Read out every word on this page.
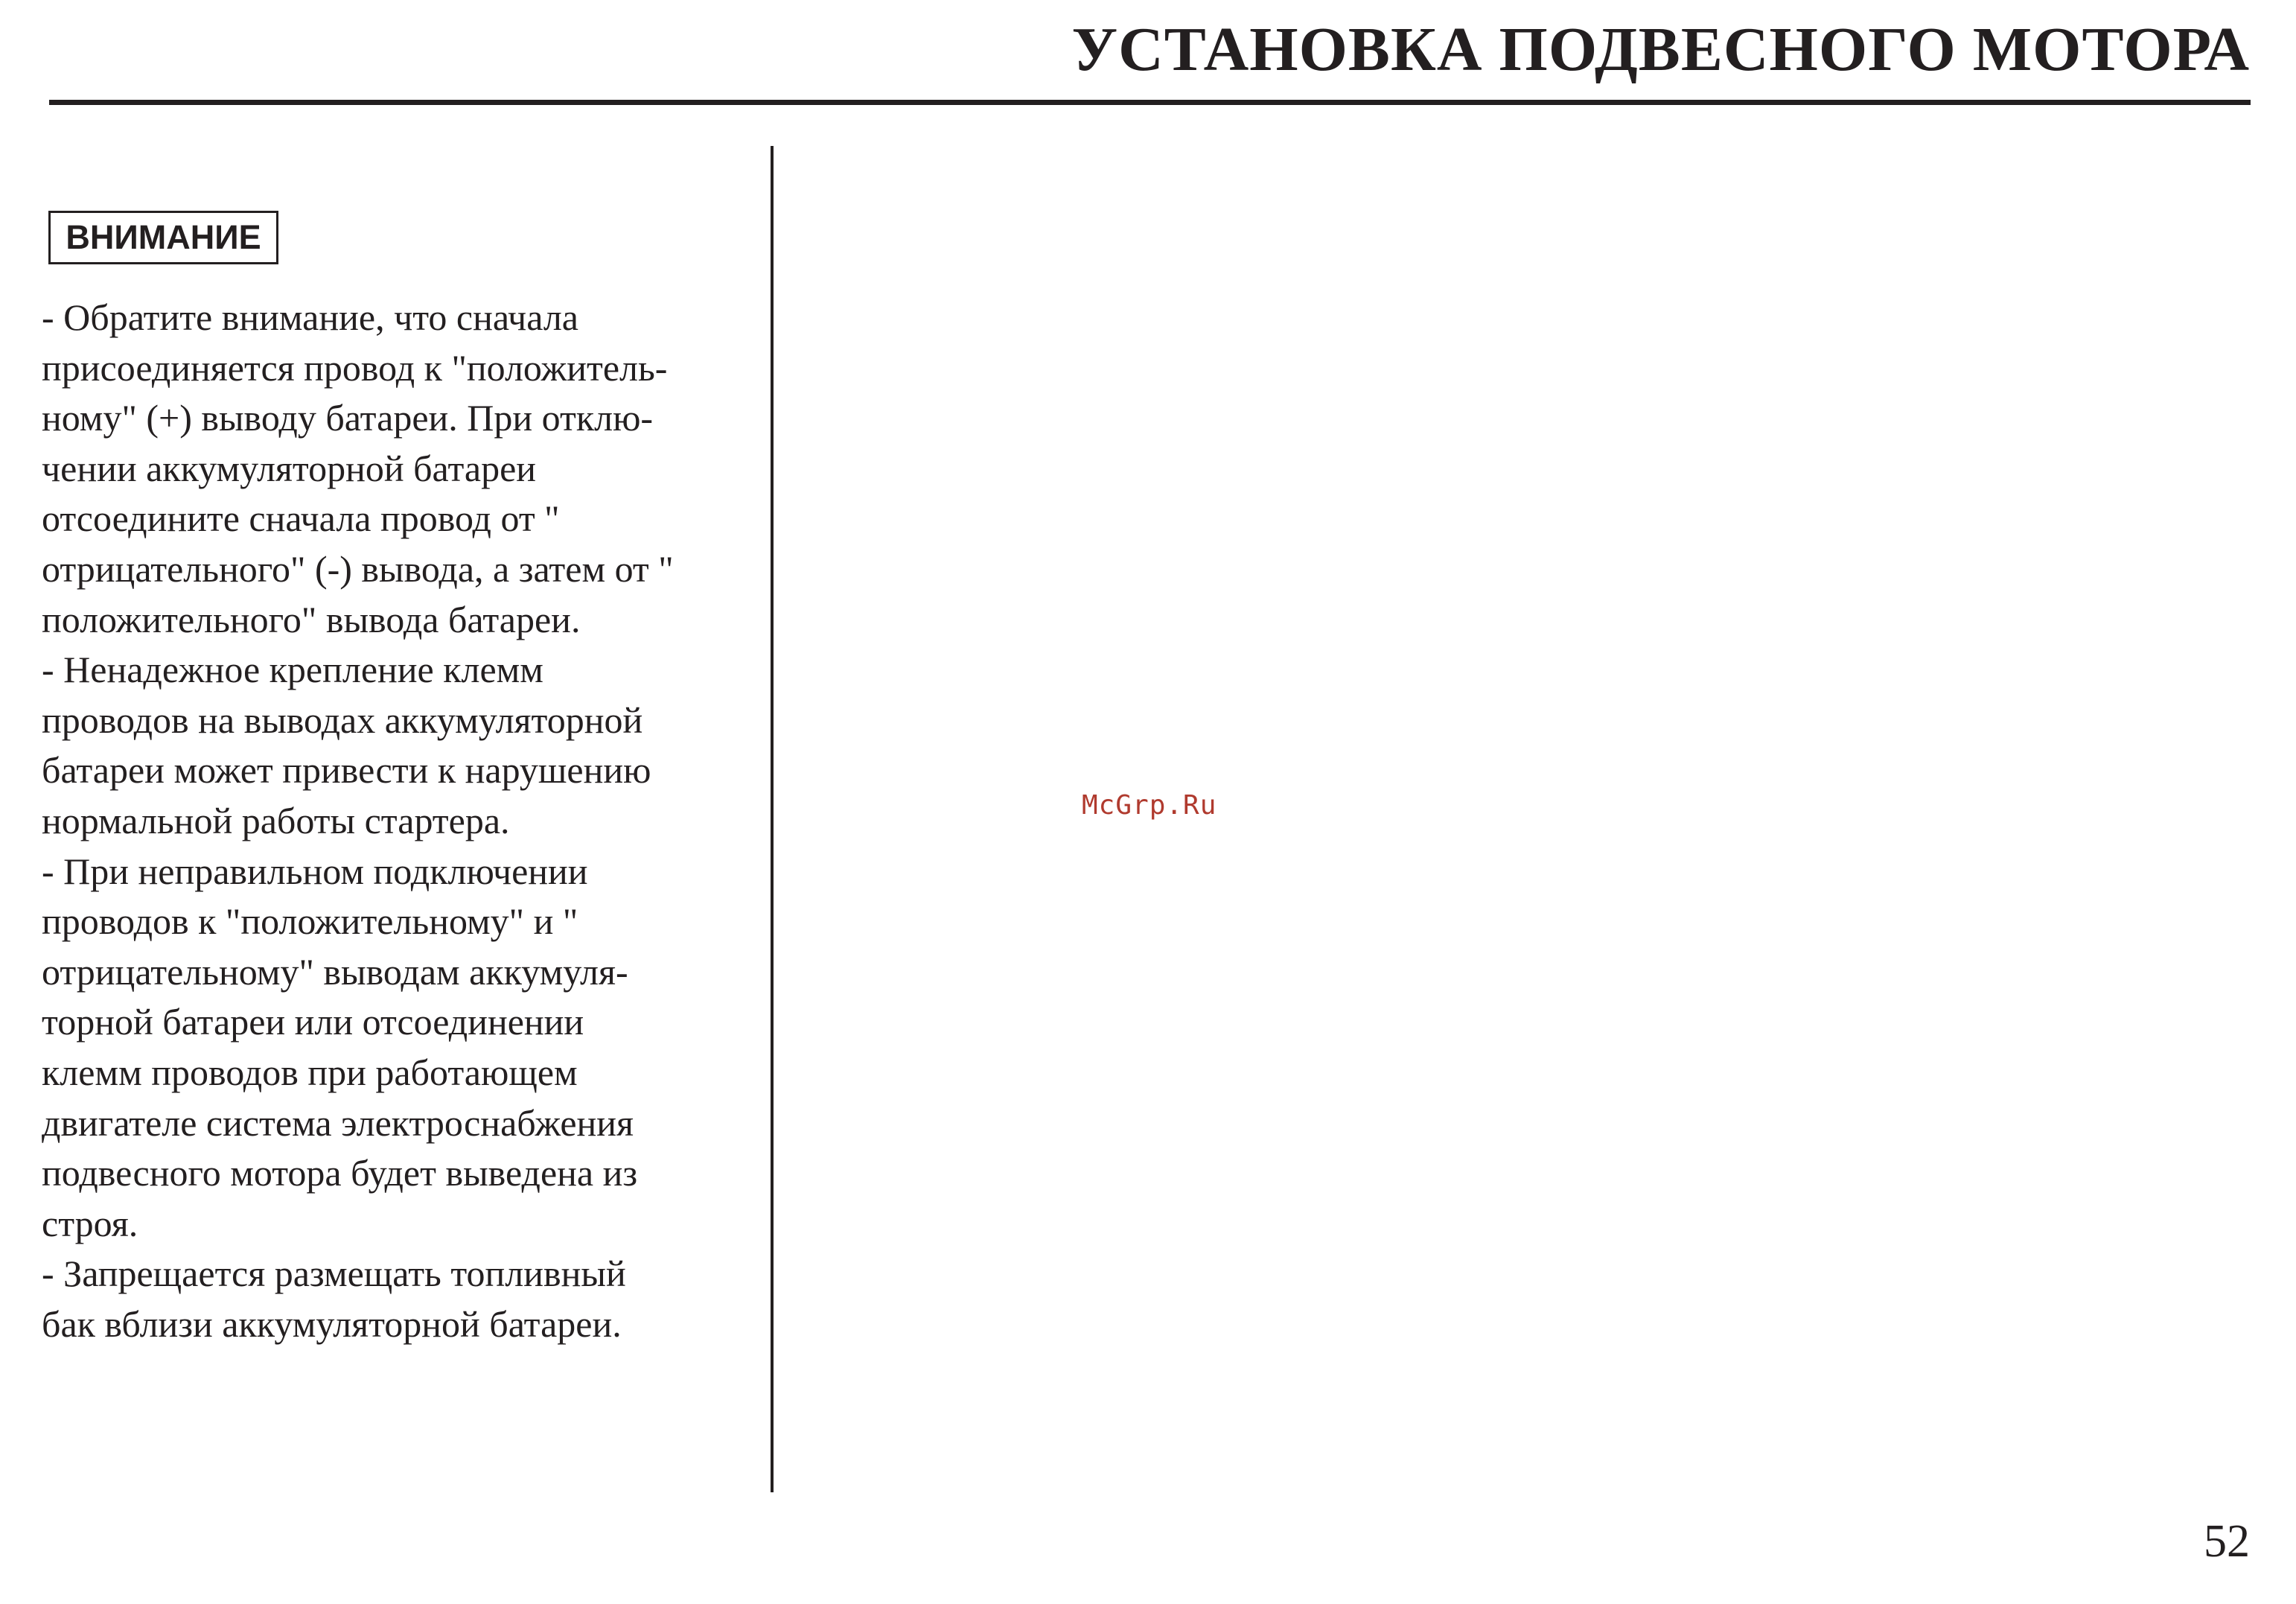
УСТАНОВКА ПОДВЕСНОГО МОТОРА
ВНИМАНИЕ
- Обратите внимание, что сначала
присоединяется провод к "положитель-
ному" (+) выводу батареи. При отклю-
чении аккумуляторной батареи
отсоедините сначала провод от "
отрицательного" (-) вывода, а затем от "
положительного" вывода батареи.
- Ненадежное крепление клемм
проводов на выводах аккумуляторной
батареи может привести к нарушению
нормальной работы стартера.
- При неправильном подключении
проводов к "положительному" и "
отрицательному" выводам аккумуля-
торной батареи или отсоединении
клемм проводов при работающем
двигателе система электроснабжения
подвесного мотора будет выведена из
строя.
- Запрещается размещать топливный
бак вблизи аккумуляторной батареи.
McGrp.Ru
52
